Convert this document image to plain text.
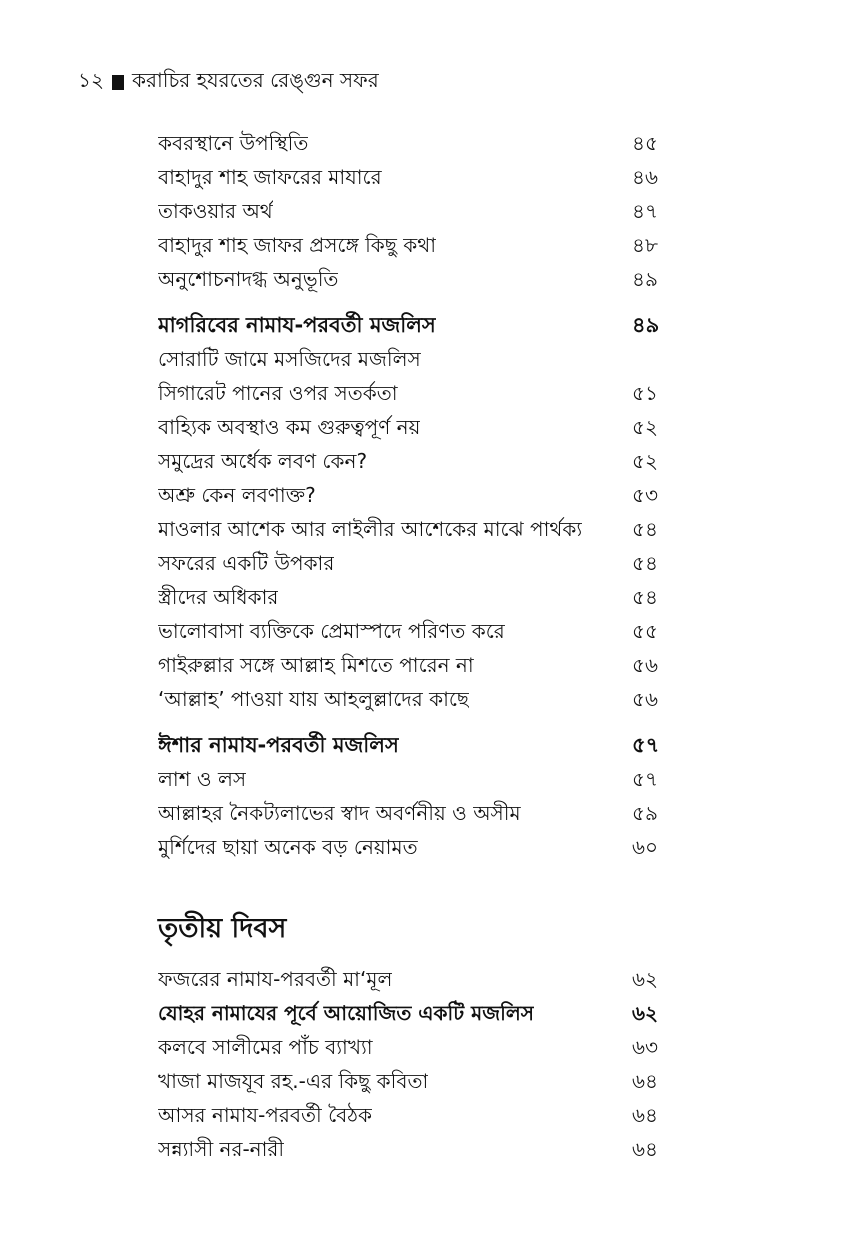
১২ করাচির হযরতের রেঙ্গুন সফর
কবরস্থানে উপস্থিতি	৪৫
বাহাদুর শাহ জাফরের মাযারে	৪৬
তাকওয়ার অর্থ	৪৭
বাহাদুর শাহ জাফর প্রসঙ্গে কিছু কথা	৪৮
অনুশোচনাদগ্ধ অনুভূতি	৪৯
মাগরিবের নামায-পরবর্তী মজলিস	৪৯
সোরাটি জামে মসজিদের মজলিস
সিগারেট পানের ওপর সতর্কতা	৫১
বাহ্যিক অবস্থাও কম গুরুত্বপূর্ণ নয়	৫২
সমুদ্রের অর্ধেক লবণ কেন?	৫২
অশ্রু কেন লবণাক্ত?	৫৩
মাওলার আশেক আর লাইলীর আশেকের মাঝে পার্থক্য ৫৪
সফরের একটি উপকার	৫৪
স্ত্রীদের অধিকার	৫৪
ভালোবাসা ব্যক্তিকে প্রেমাস্পদে পরিণত করে	৫৫
গাইরুল্লার সঙ্গে আল্লাহ মিশতে পারেন না	৫৬
‘আল্লাহ’ পাওয়া যায় আহলুল্লাদের কাছে	৫৬
ঈশার নামায-পরবর্তী মজলিস	৫৭
লাশ ও লস	৫৭
আল্লাহর নৈকট্যলাভের স্বাদ অবর্ণনীয় ও অসীম	৫৯
মুর্শিদের ছায়া অনেক বড় নেয়ামত	৬০
তৃতীয় দিবস
ফজরের নামায-পরবর্তী মা‘মূল	৬২
যোহর নামাযের পূর্বে আয়োজিত একটি মজলিস	৬২
কলবে সালীমের পাঁচ ব্যাখ্যা	৬৩
খাজা মাজযূব রহ.-এর কিছু কবিতা	৬৪
আসর নামায-পরবর্তী বৈঠক	৬৪
সন্ন্যাসী নর-নারী	৬৪
